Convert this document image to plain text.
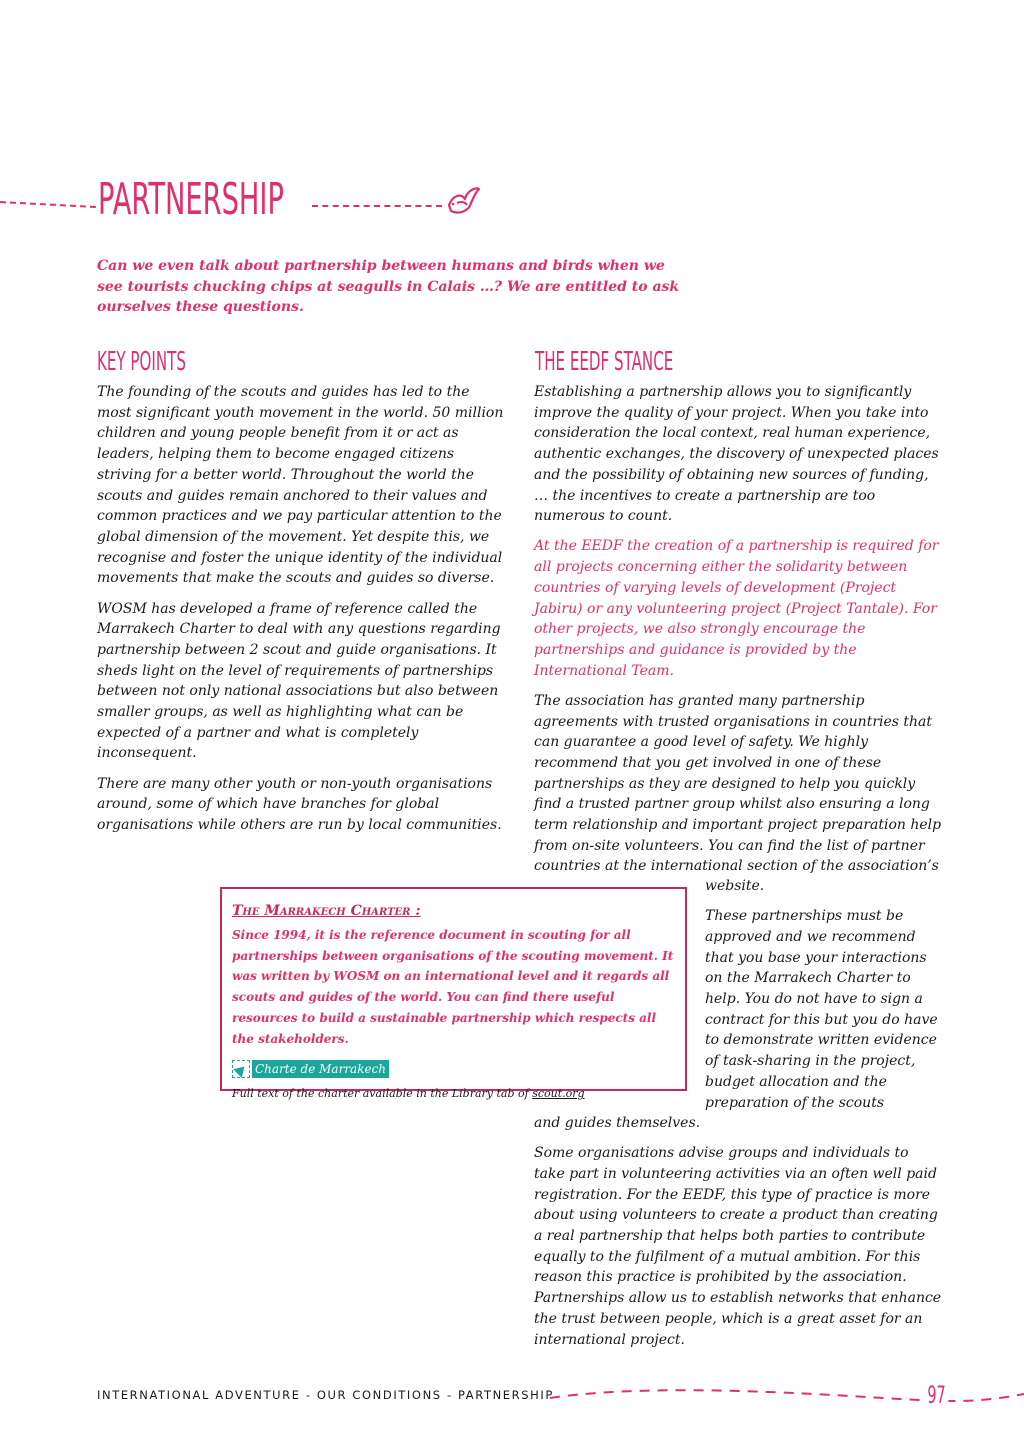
PARTNERSHIP

Can we even talk about partnership between humans and birds when we see tourists chucking chips at seagulls in Calais …? We are entitled to ask ourselves these questions.

KEY POINTS	THE EEDF STANCE

The founding of the scouts and guides has led to the most significant youth movement in the world. 50 million children and young people benefit from it or act as leaders, helping them to become engaged citizens striving for a better world. Throughout the world the scouts and guides remain anchored to their values and common practices and we pay particular attention to the global dimension of the movement. Yet despite this, we recognise and foster the unique identity of the individual movements that make the scouts and guides so diverse.

WOSM has developed a frame of reference called the Marrakech Charter to deal with any questions regarding partnership between 2 scout and guide organisations. It sheds light on the level of requirements of partnerships between not only national associations but also between smaller groups, as well as highlighting what can be expected of a partner and what is completely inconsequent.

There are many other youth or non-youth organisations around, some of which have branches for global organisations while others are run by local communities.

Establishing a partnership allows you to significantly improve the quality of your project. When you take into consideration the local context, real human experience, authentic exchanges, the discovery of unexpected places and the possibility of obtaining new sources of funding, … the incentives to create a partnership are too numerous to count.

At the EEDF the creation of a partnership is required for all projects concerning either the solidarity between countries of varying levels of development (Project Jabiru) or any volunteering project (Project Tantale). For other projects, we also strongly encourage the partnerships and guidance is provided by the International Team.

The association has granted many partnership agreements with trusted organisations in countries that can guarantee a good level of safety. We highly recommend that you get involved in one of these partnerships as they are designed to help you quickly find a trusted partner group whilst also ensuring a long term relationship and important project preparation help from on-site volunteers. You can find the list of partner countries at the international section of the association’s

website.

These partnerships must be approved and we recommend that you base your interactions on the Marrakech Charter to help. You do not have to sign a contract for this but you do have to demonstrate written evidence of task-sharing in the project, budget allocation and the preparation of the scouts

and guides themselves.

Some organisations advise groups and individuals to take part in volunteering activities via an often well paid registration. For the EEDF, this type of practice is more about using volunteers to create a product than creating a real partnership that helps both parties to contribute equally to the fulfilment of a mutual ambition. For this reason this practice is prohibited by the association. Partnerships allow us to establish networks that enhance the trust between people, which is a great asset for an international project.

The Marrakech Charter :

Since 1994, it is the reference document in scouting for all partnerships between organisations of the scouting movement. It was written by WOSM on an international level and it regards all scouts and guides of the world. You can find there useful resources to build a sustainable partnership which respects all the stakeholders.

Charte de Marrakech

Full text of the charter available in the Library tab of scout.org

INTERNATIONAL ADVENTURE - OUR CONDITIONS - PARTNERSHIP	97
